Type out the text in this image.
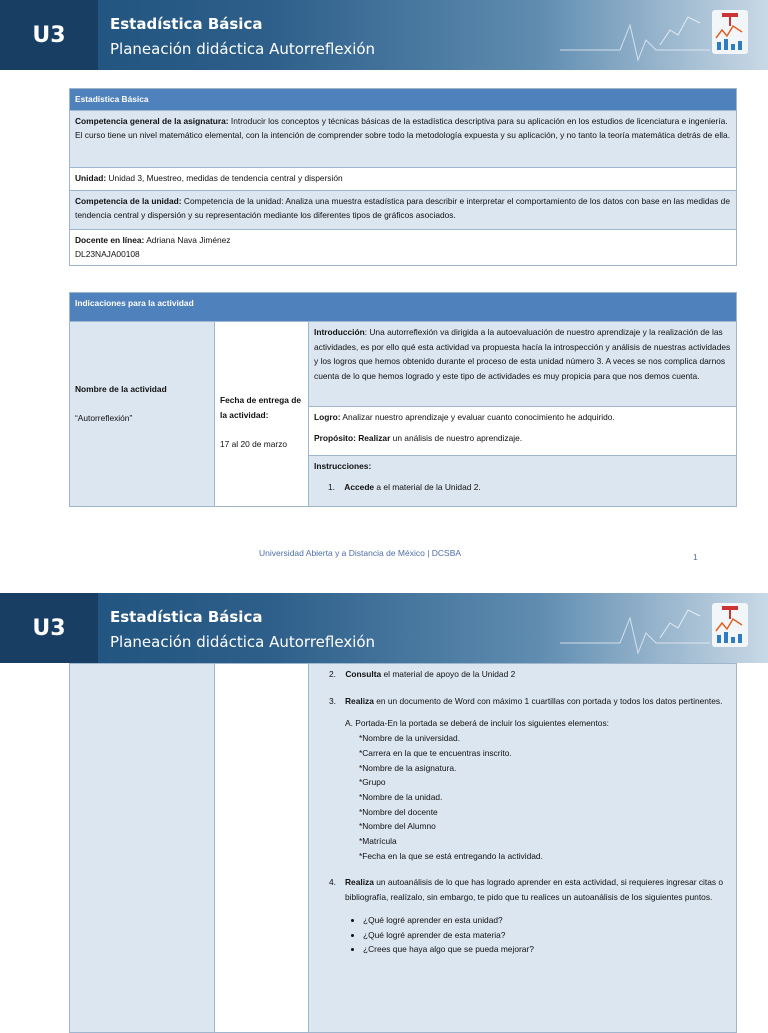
U3	Estadística Básica
Planeación didáctica Autorreflexión
Estadística Básica
Competencia general de la asignatura: Introducir los conceptos y técnicas básicas de la estadística descriptiva para su aplicación en los estudios de licenciatura e ingeniería. El curso tiene un nivel matemático elemental, con la intención de comprender sobre todo la metodología expuesta y su aplicación, y no tanto la teoría matemática detrás de ella.
Unidad: Unidad 3, Muestreo, medidas de tendencia central y dispersión
Competencia de la unidad: Competencia de la unidad: Analiza una muestra estadística para describir e interpretar el comportamiento de los datos con base en las medidas de tendencia central y dispersión y su representación mediante los diferentes tipos de gráficos asociados.
Docente en línea: Adriana Nava Jiménez
DL23NAJA00108
Indicaciones para la actividad

Nombre de la actividad

“Autorreflexión”

Fecha de entrega de la actividad:

17 al 20 de marzo
	Introducción: Una autorreflexión va dirigida a la autoevaluación de nuestro aprendizaje y la realización de las actividades, es por ello qué esta actividad va propuesta hacía la introspección y análisis de nuestras actividades y los logros que hemos obtenido durante el proceso de esta unidad número 3. A veces se nos complica darnos cuenta de lo que hemos logrado y este tipo de actividades es muy propicia para que nos demos cuenta.
Logro: Analizar nuestro aprendizaje y evaluar cuanto conocimiento he adquirido.
Propósito: Realizar un análisis de nuestro aprendizaje.

Instrucciones:
1.    Accede a el material de la Unidad 2.
Universidad Abierta y a Distancia de México | DCSBA	1
U3	Estadística Básica
Planeación didáctica Autorreflexión

2. Consulta el material de apoyo de la Unidad 2
3.	Realiza en un documento de Word con máximo 1 cuartillas con portada y todos los datos pertinentes.
A. Portada-En la portada se deberá de incluir los siguientes elementos:
*Nombre de la universidad.
*Carrera en la que te encuentras inscrito.
*Nombre de la asignatura.
*Grupo
*Nombre de la unidad.
*Nombre del docente
*Nombre del Alumno
*Matrícula
*Fecha en la que se está entregando la actividad.
4.	Realiza un autoanálisis de lo que has logrado aprender en esta actividad, si requieres ingresar citas o bibliografía, realízalo, sin embargo, te pido que tu realices un autoanálisis de los siguientes puntos.
• ¿Qué logré aprender en esta unidad?
• ¿Qué logré aprender de esta materia?
• ¿Crees que haya algo que se pueda mejorar?
